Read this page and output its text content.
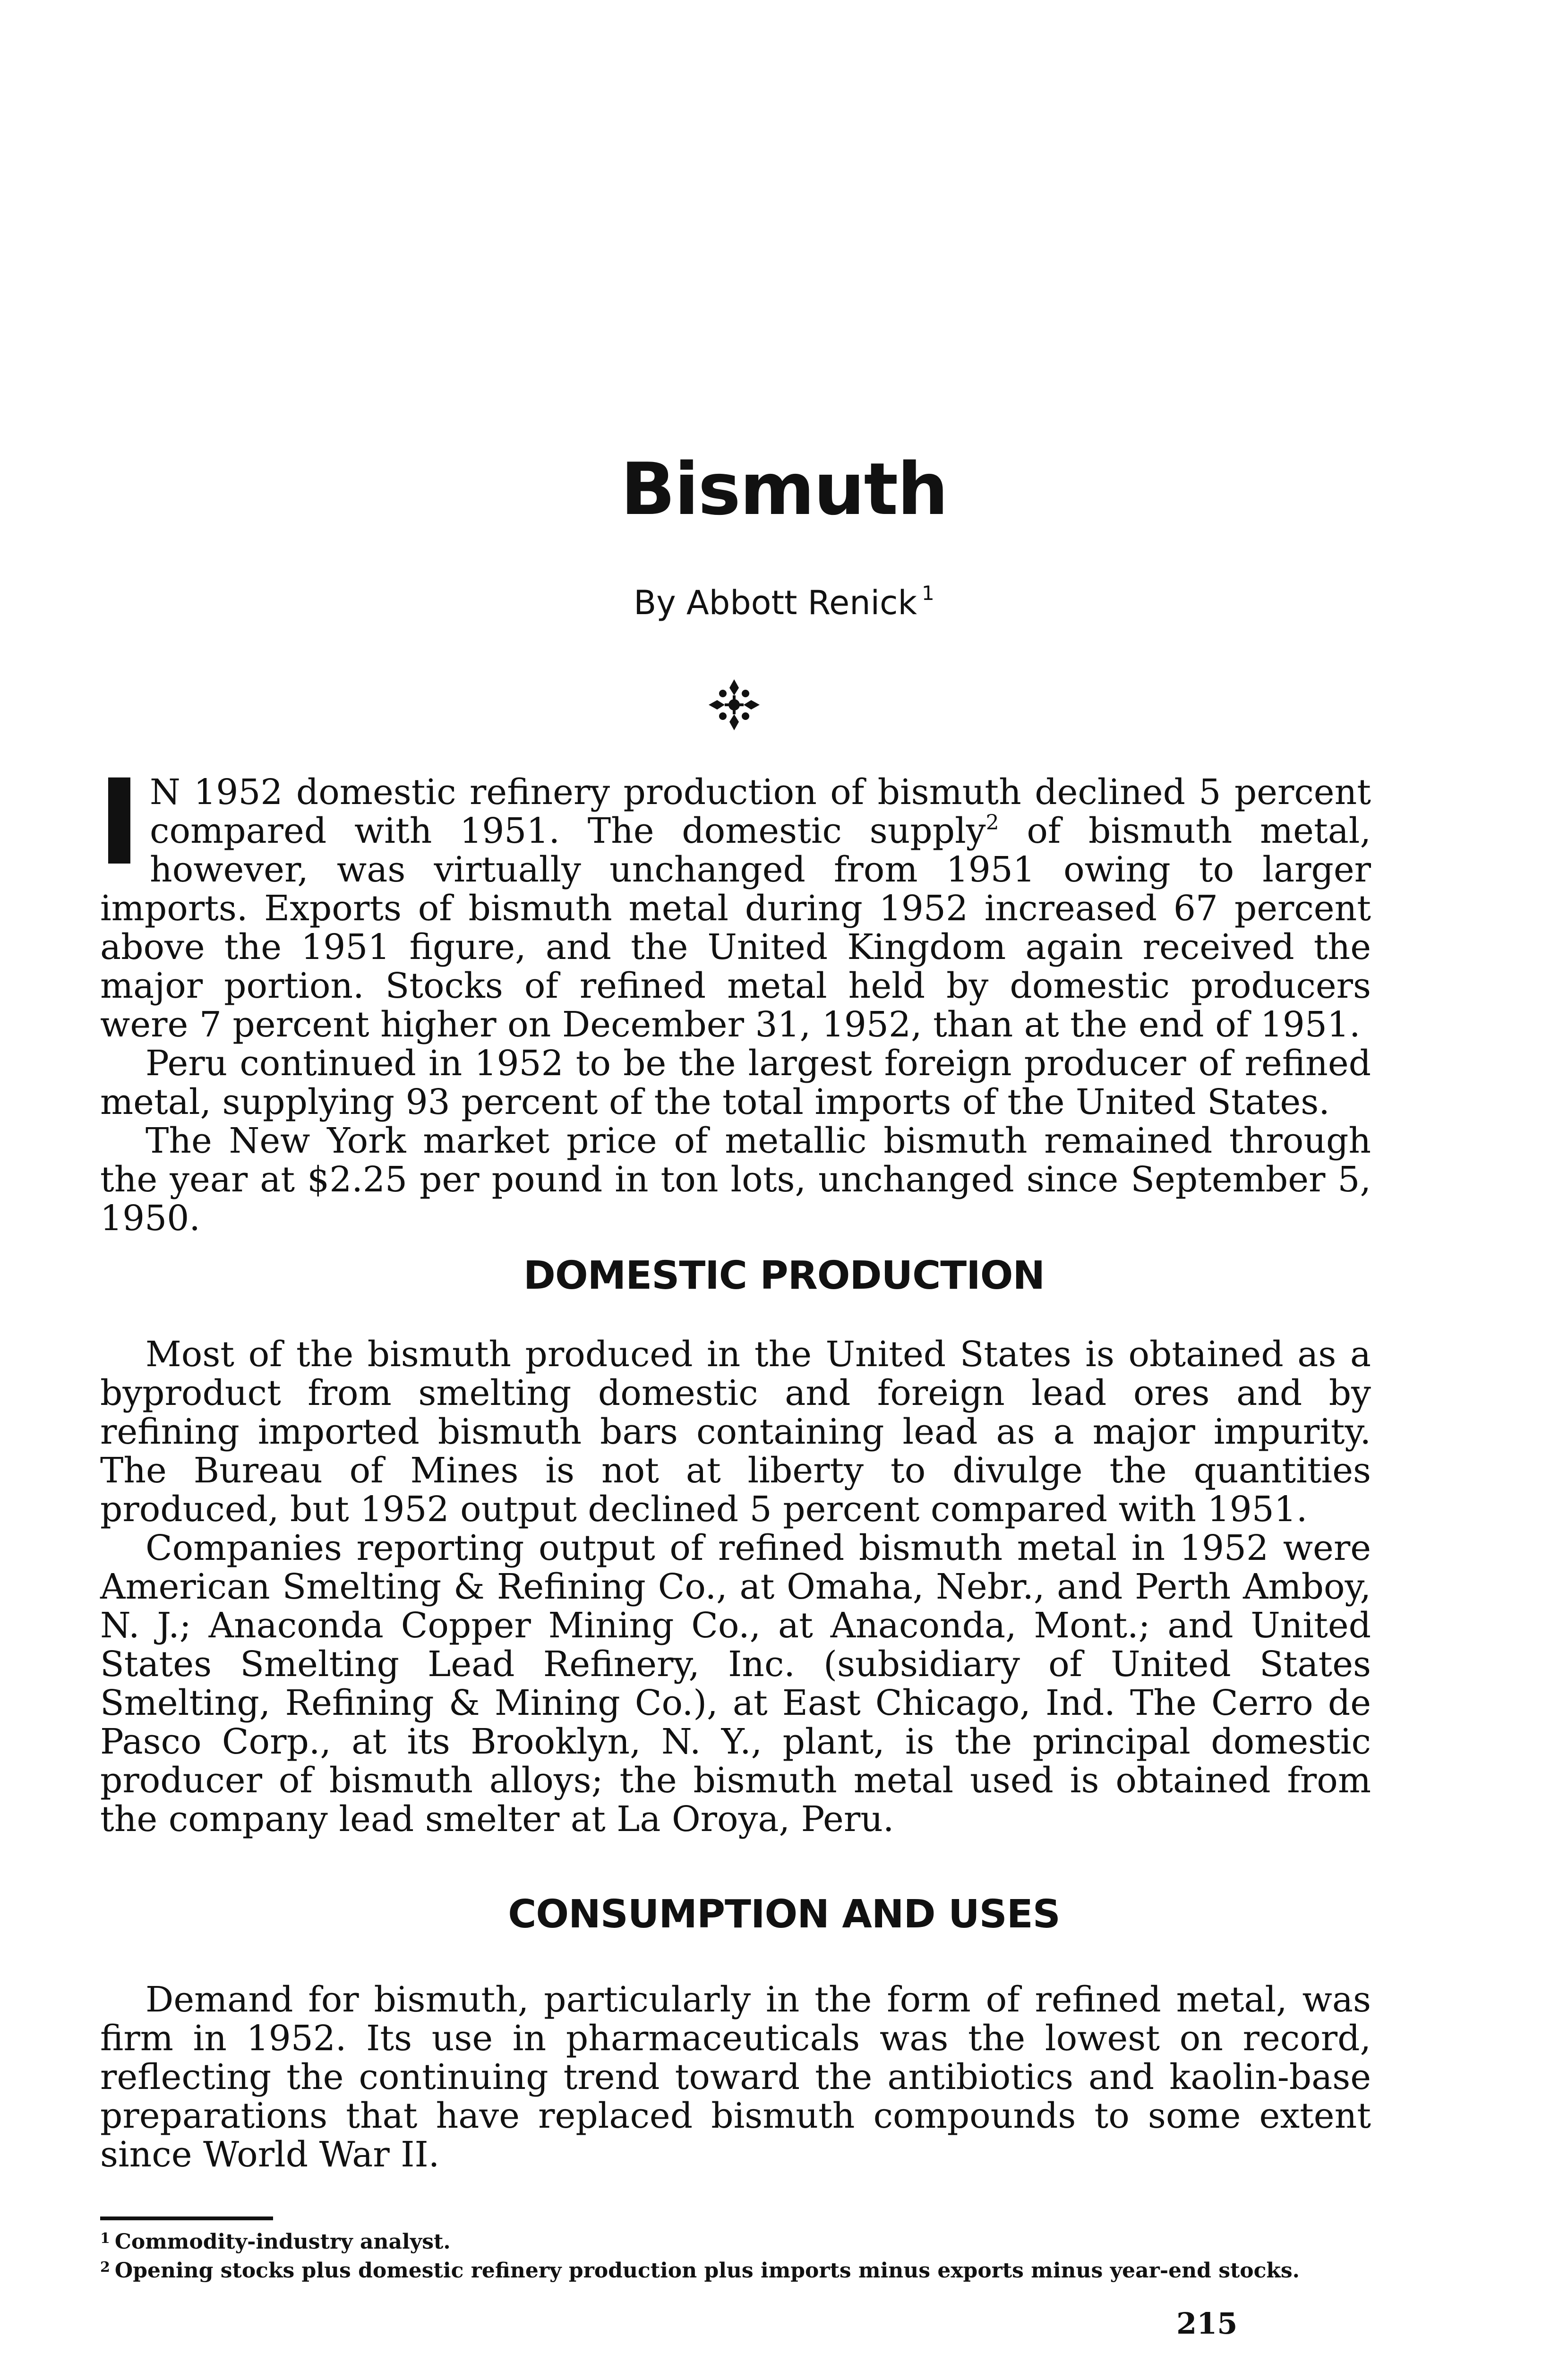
Bismuth
By Abbott Renick $^1$

I N 1952 domestic refinery production of bismuth declined 5 percent compared with 1951. The domestic supply$^2$ of bismuth metal, however, was virtually unchanged from 1951 owing to larger imports. Exports of bismuth metal during 1952 increased 67 percent above the 1951 figure, and the United Kingdom again received the major portion. Stocks of refined metal held by domestic producers were 7 percent higher on December 31, 1952, than at the end of 1951.

Peru continued in 1952 to be the largest foreign producer of refined metal, supplying 93 percent of the total imports of the United States.

The New York market price of metallic bismuth remained through the year at $2.25 per pound in ton lots, unchanged since September 5, 1950.

DOMESTIC PRODUCTION

Most of the bismuth produced in the United States is obtained as a byproduct from smelting domestic and foreign lead ores and by refining imported bismuth bars containing lead as a major impurity. The Bureau of Mines is not at liberty to divulge the quantities produced, but 1952 output declined 5 percent compared with 1951.

Companies reporting output of refined bismuth metal in 1952 were American Smelting & Refining Co., at Omaha, Nebr., and Perth Amboy, N. J.; Anaconda Copper Mining Co., at Anaconda, Mont.; and United States Smelting Lead Refinery, Inc. (subsidiary of United States Smelting, Refining & Mining Co.), at East Chicago, Ind. The Cerro de Pasco Corp., at its Brooklyn, N. Y., plant, is the principal domestic producer of bismuth alloys; the bismuth metal used is obtained from the company lead smelter at La Oroya, Peru.

CONSUMPTION AND USES

Demand for bismuth, particularly in the form of refined metal, was firm in 1952. Its use in pharmaceuticals was the lowest on record, reflecting the continuing trend toward the antibiotics and kaolin-base preparations that have replaced bismuth compounds to some extent since World War II.

$^1$ Commodity-industry analyst.

$^2$ Opening stocks plus domestic refinery production plus imports minus exports minus year-end stocks.

215
